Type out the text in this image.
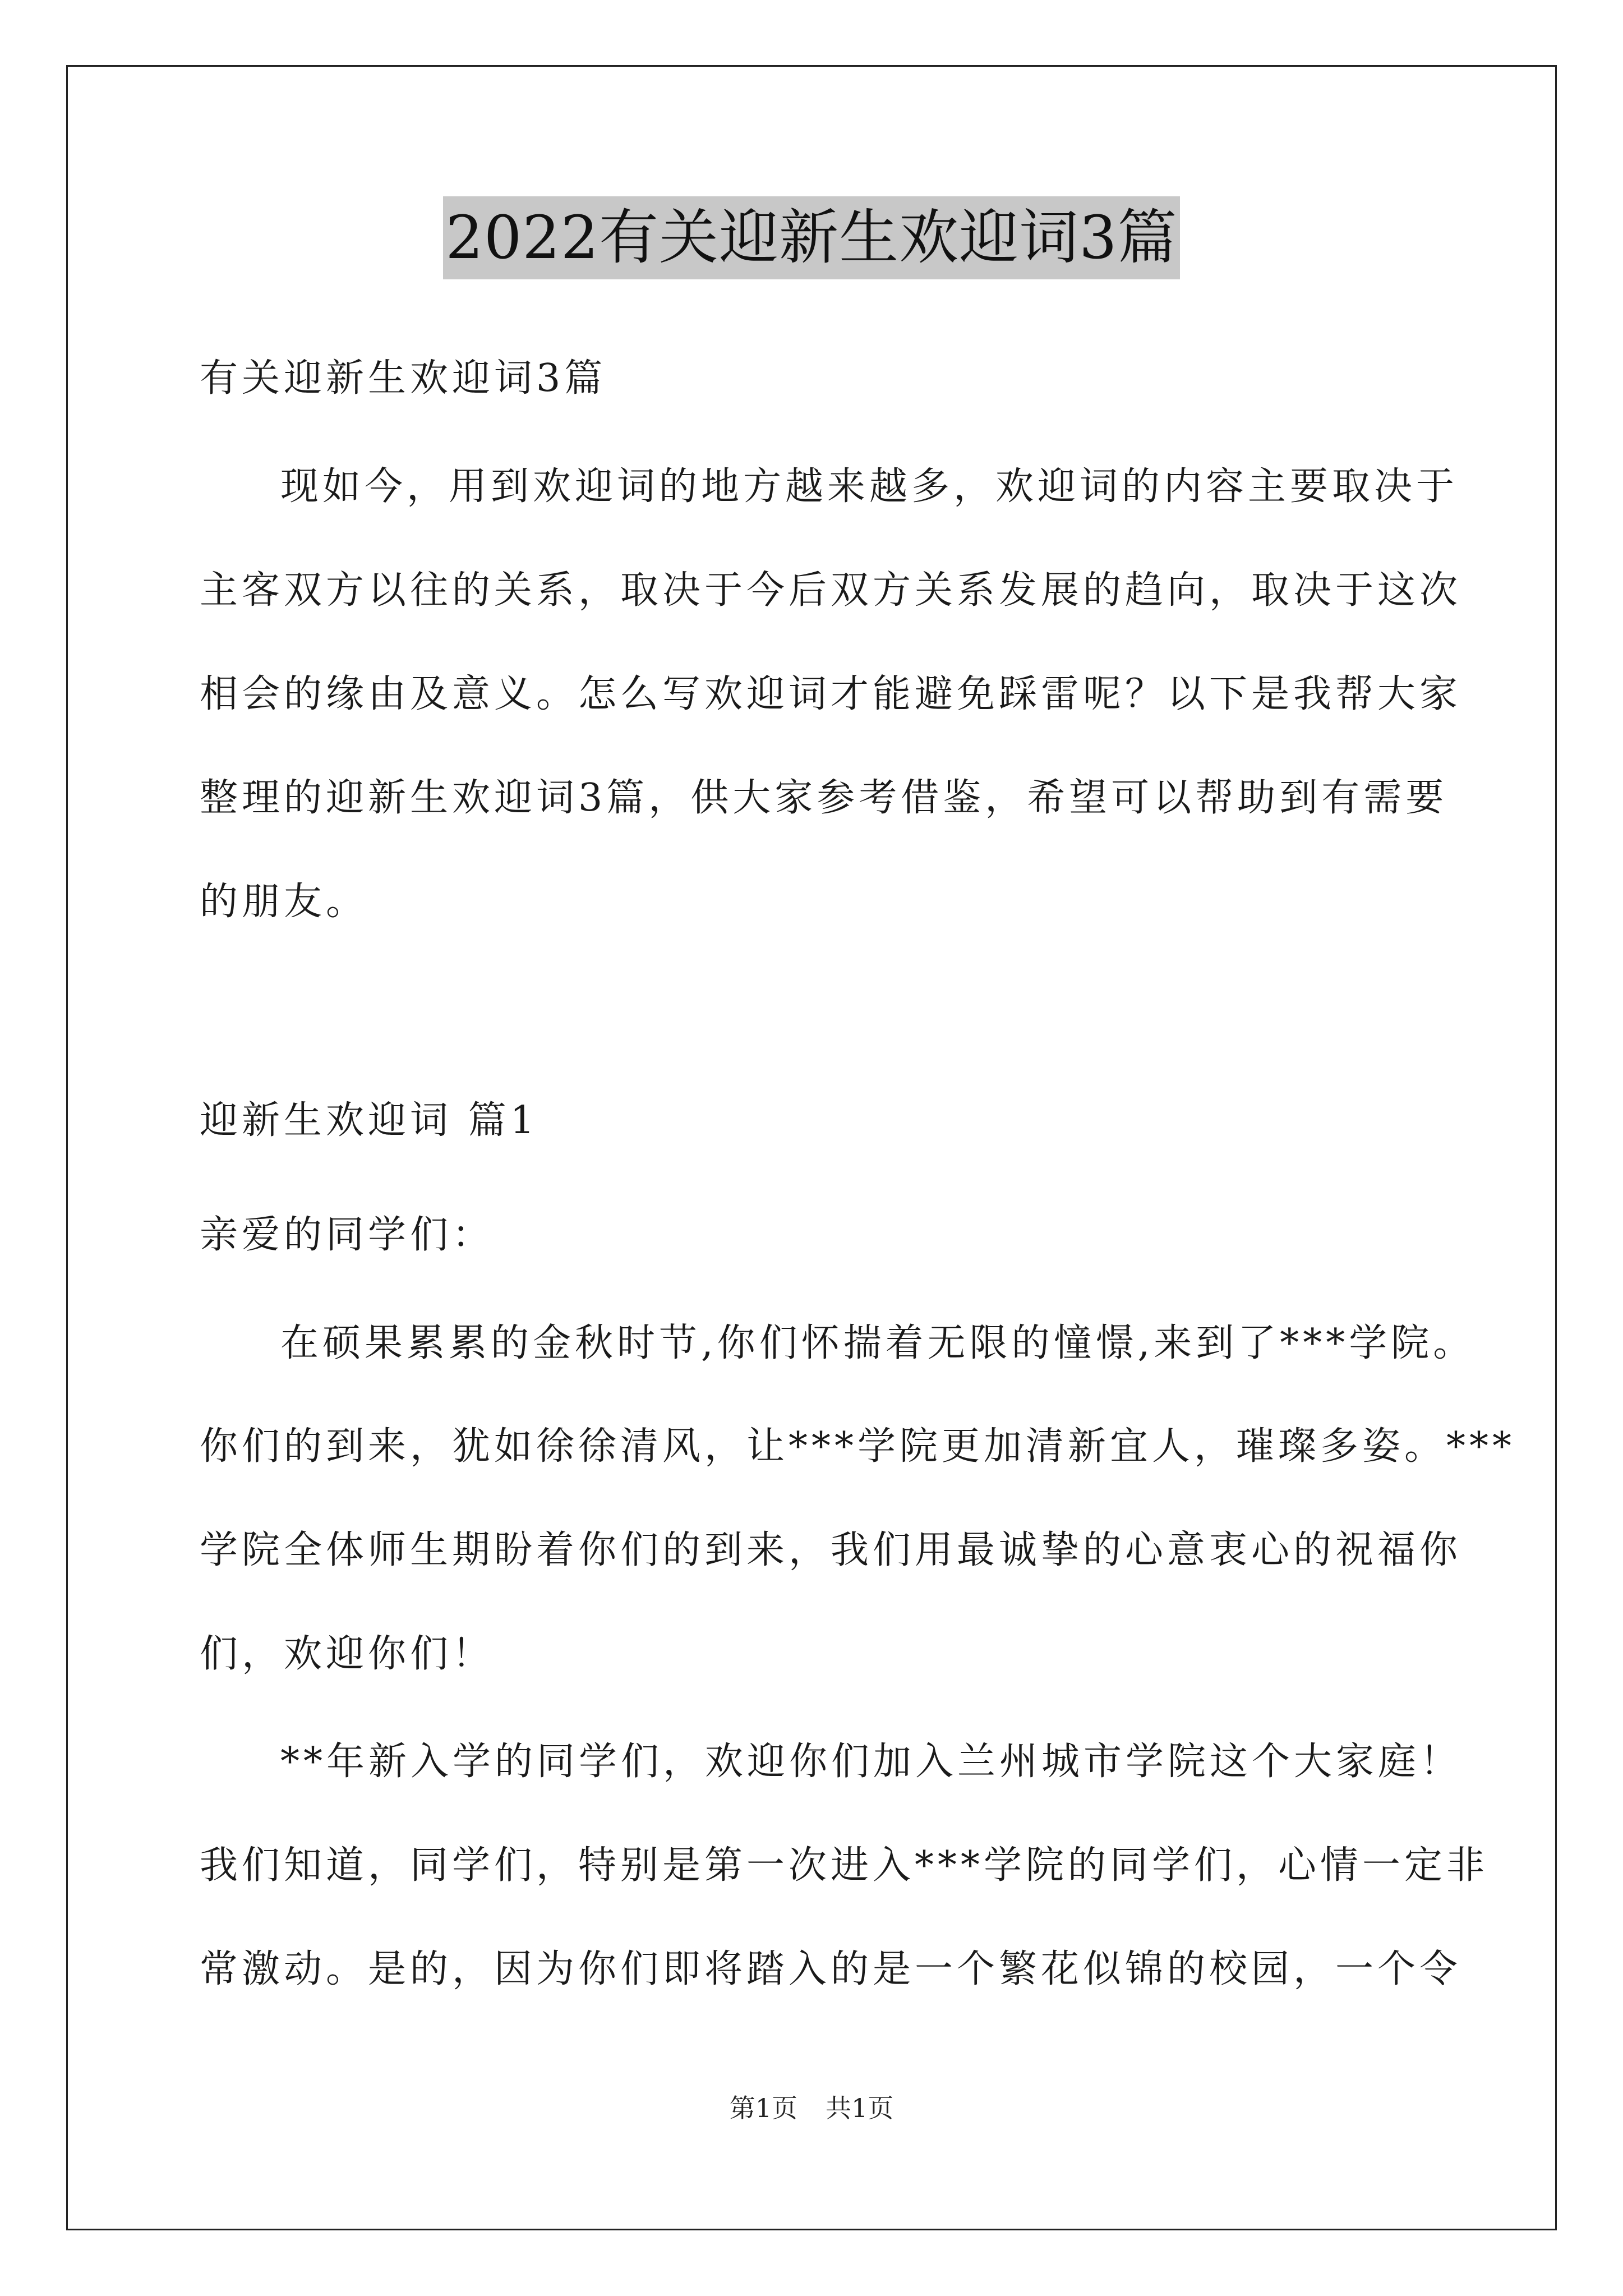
2022有关迎新生欢迎词3篇
有关迎新生欢迎词3篇
现如今，用到欢迎词的地方越来越多，欢迎词的内容主要取决于
主客双方以往的关系，取决于今后双方关系发展的趋向，取决于这次
相会的缘由及意义。怎么写欢迎词才能避免踩雷呢？以下是我帮大家
整理的迎新生欢迎词3篇，供大家参考借鉴，希望可以帮助到有需要
的朋友。
迎新生欢迎词 篇1
亲爱的同学们：
在硕果累累的金秋时节,你们怀揣着无限的憧憬,来到了***学院。
你们的到来，犹如徐徐清风，让***学院更加清新宜人，璀璨多姿。***
学院全体师生期盼着你们的到来，我们用最诚挚的心意衷心的祝福你
们，欢迎你们！
**年新入学的同学们，欢迎你们加入兰州城市学院这个大家庭！
我们知道，同学们，特别是第一次进入***学院的同学们，心情一定非
常激动。是的，因为你们即将踏入的是一个繁花似锦的校园，一个令
第1页 共1页
